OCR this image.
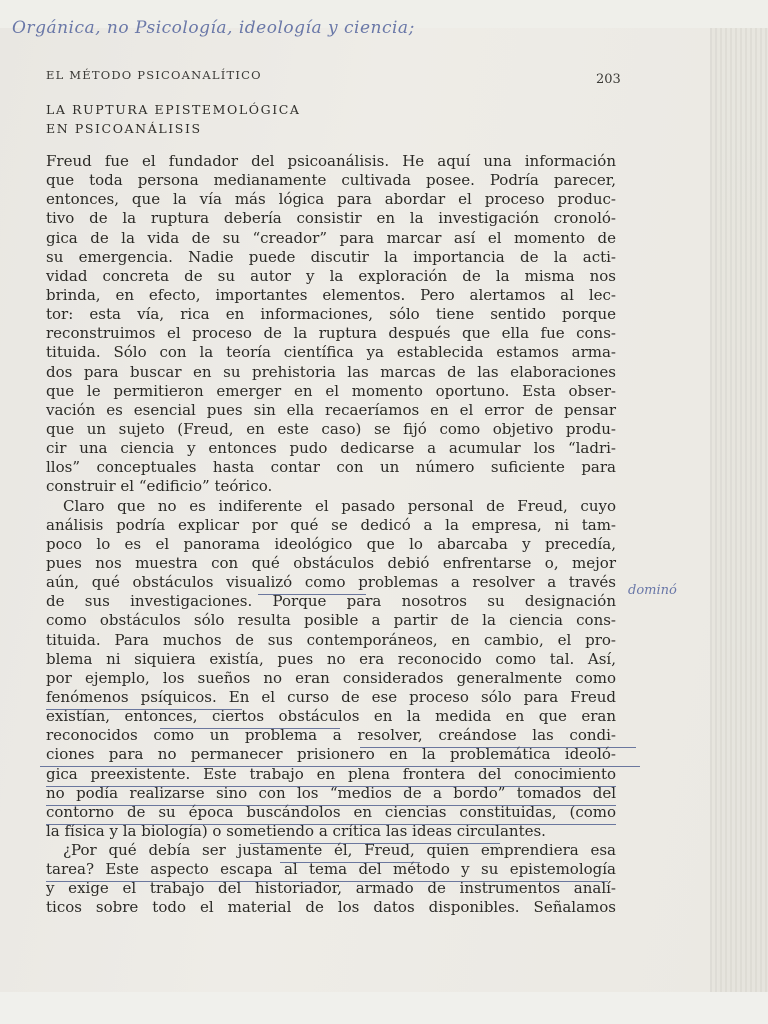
Orgánica, no Psicología, ideología y ciencia;
dominó
EL MÉTODO PSICOANALÍTICO	203
LA RUPTURA EPISTEMOLÓGICA
EN PSICOANÁLISIS
Freud fue el fundador del psicoanálisis. He aquí una información
que toda persona medianamente cultivada posee. Podría parecer,
entonces, que la vía más lógica para abordar el proceso produc-
tivo de la ruptura debería consistir en la investigación cronoló-
gica de la vida de su “creador” para marcar así el momento de
su emergencia. Nadie puede discutir la importancia de la acti-
vidad concreta de su autor y la exploración de la misma nos
brinda, en efecto, importantes elementos. Pero alertamos al lec-
tor: esta vía, rica en informaciones, sólo tiene sentido porque
reconstruimos el proceso de la ruptura después que ella fue cons-
tituida. Sólo con la teoría científica ya establecida estamos arma-
dos para buscar en su prehistoria las marcas de las elaboraciones
que le permitieron emerger en el momento oportuno. Esta obser-
vación es esencial pues sin ella recaeríamos en el error de pensar
que un sujeto (Freud, en este caso) se fijó como objetivo produ-
cir una ciencia y entonces pudo dedicarse a acumular los “ladri-
llos” conceptuales hasta contar con un número suficiente para
construir el “edificio” teórico.
Claro que no es indiferente el pasado personal de Freud, cuyo
análisis podría explicar por qué se dedicó a la empresa, ni tam-
poco lo es el panorama ideológico que lo abarcaba y precedía,
pues nos muestra con qué obstáculos debió enfrentarse o, mejor
aún, qué obstáculos visualizó como problemas a resolver a través
de sus investigaciones. Porque para nosotros su designación
como obstáculos sólo resulta posible a partir de la ciencia cons-
tituida. Para muchos de sus contemporáneos, en cambio, el pro-
blema ni siquiera existía, pues no era reconocido como tal. Así,
por ejemplo, los sueños no eran considerados generalmente como
fenómenos psíquicos. En el curso de ese proceso sólo para Freud
existían, entonces, ciertos obstáculos en la medida en que eran
reconocidos como un problema a resolver, creándose las condi-
ciones para no permanecer prisionero en la problemática ideoló-
gica preexistente. Este trabajo en plena frontera del conocimiento
no podía realizarse sino con los “medios de a bordo” tomados del
contorno de su época buscándolos en ciencias constituidas, (como
la física y la biología) o sometiendo a crítica las ideas circulantes.
¿Por qué debía ser justamente él, Freud, quien emprendiera esa
tarea? Este aspecto escapa al tema del método y su epistemología
y exige el trabajo del historiador, armado de instrumentos analí-
ticos sobre todo el material de los datos disponibles. Señalamos
